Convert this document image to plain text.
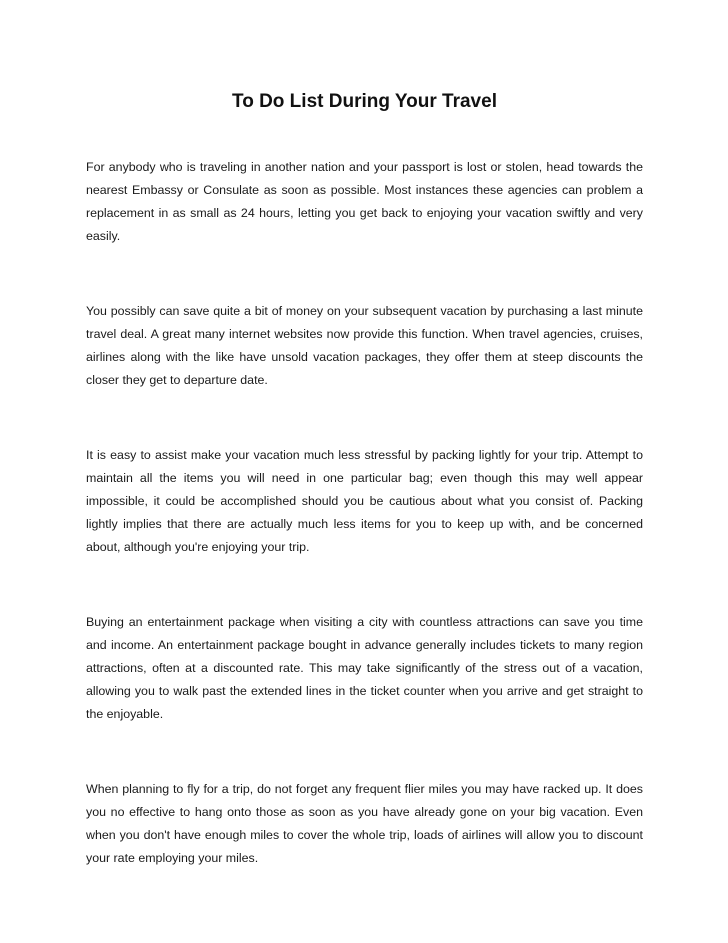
To Do List During Your Travel

For anybody who is traveling in another nation and your passport is lost or stolen, head towards the nearest Embassy or Consulate as soon as possible. Most instances these agencies can problem a replacement in as small as 24 hours, letting you get back to enjoying your vacation swiftly and very easily.

You possibly can save quite a bit of money on your subsequent vacation by purchasing a last minute travel deal. A great many internet websites now provide this function. When travel agencies, cruises, airlines along with the like have unsold vacation packages, they offer them at steep discounts the closer they get to departure date.

It is easy to assist make your vacation much less stressful by packing lightly for your trip. Attempt to maintain all the items you will need in one particular bag; even though this may well appear impossible, it could be accomplished should you be cautious about what you consist of. Packing lightly implies that there are actually much less items for you to keep up with, and be concerned about, although you're enjoying your trip.

Buying an entertainment package when visiting a city with countless attractions can save you time and income. An entertainment package bought in advance generally includes tickets to many region attractions, often at a discounted rate. This may take significantly of the stress out of a vacation, allowing you to walk past the extended lines in the ticket counter when you arrive and get straight to the enjoyable.

When planning to fly for a trip, do not forget any frequent flier miles you may have racked up. It does you no effective to hang onto those as soon as you have already gone on your big vacation. Even when you don't have enough miles to cover the whole trip, loads of airlines will allow you to discount your rate employing your miles.
